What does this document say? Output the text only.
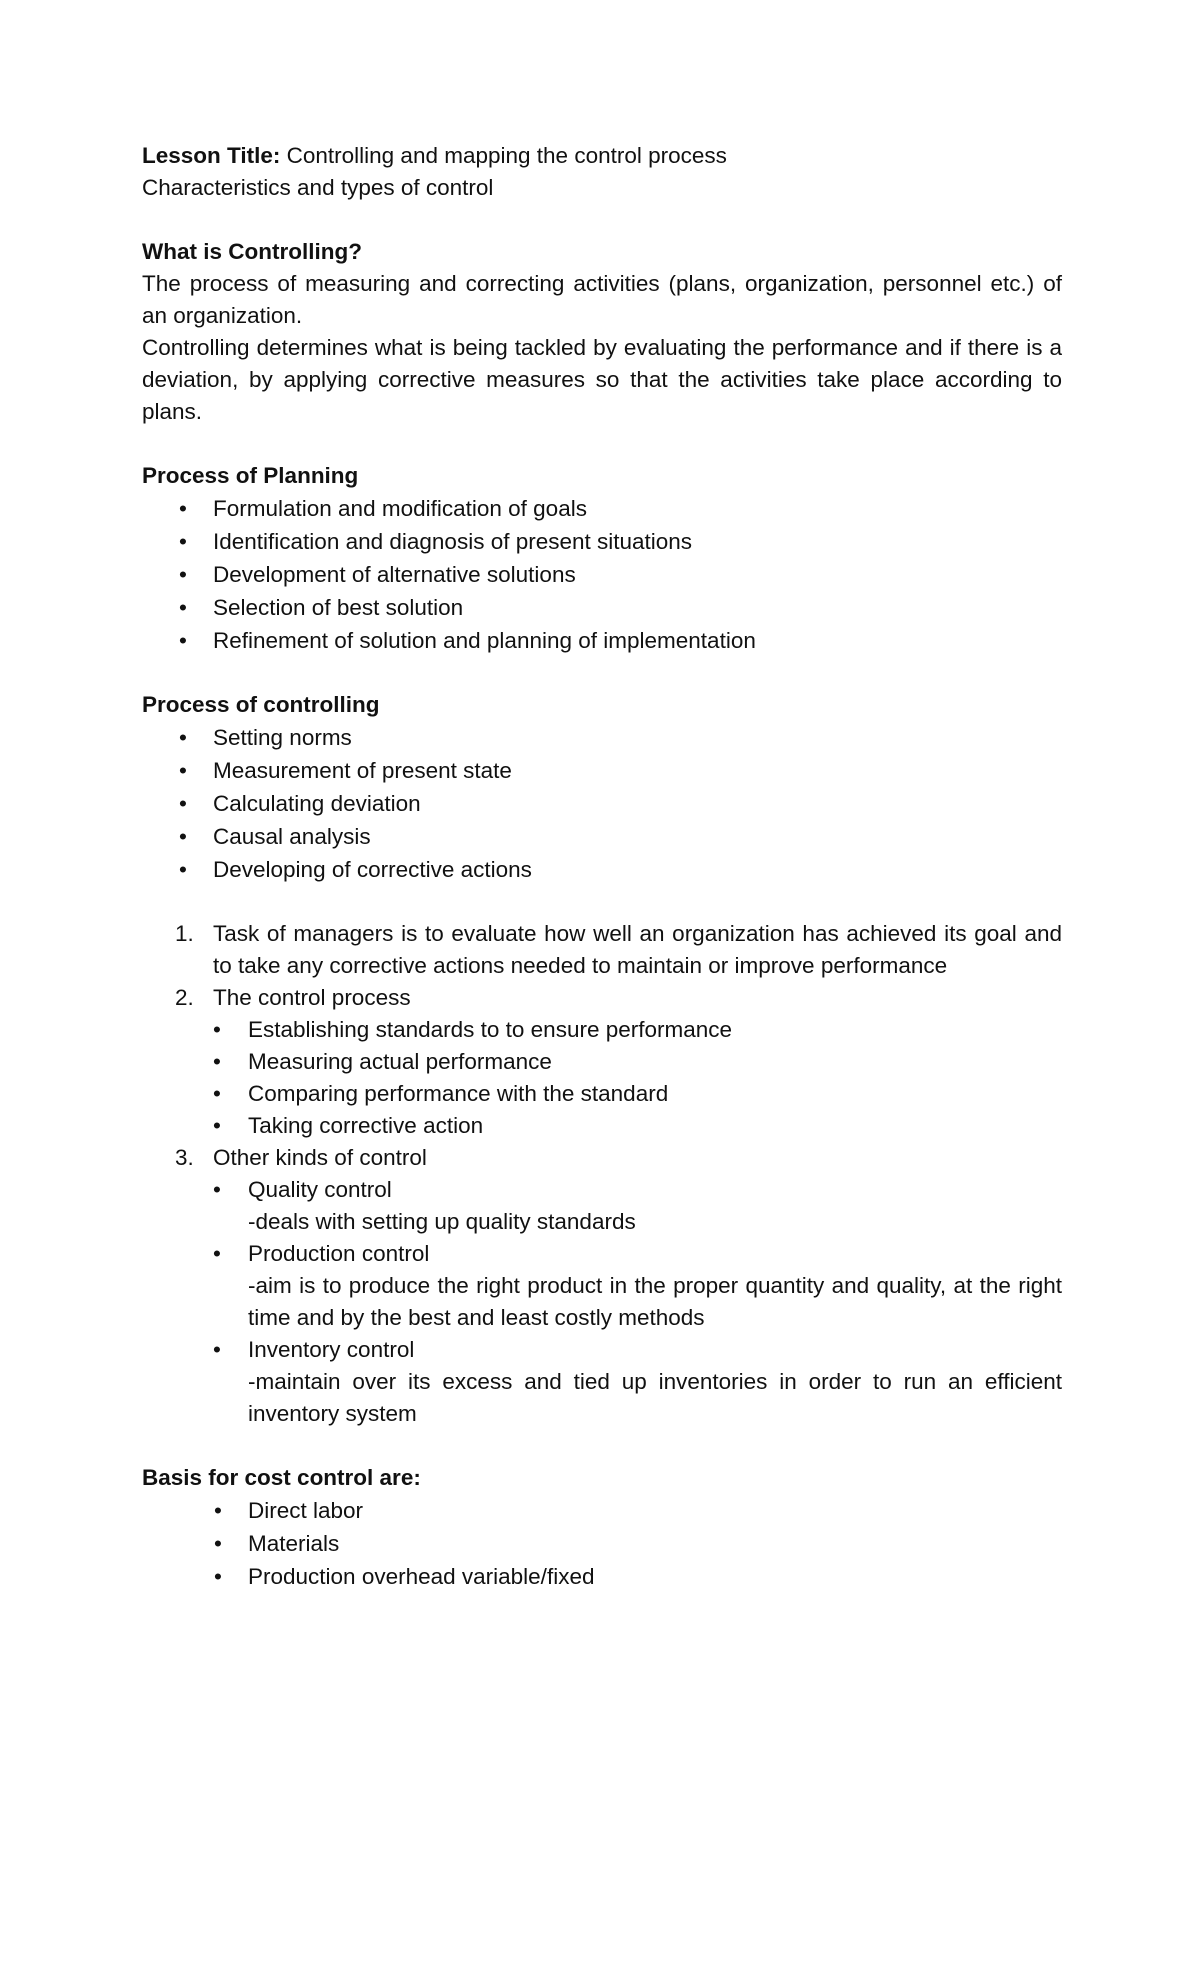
Lesson Title: Controlling and mapping the control process

Characteristics and types of control

What is Controlling?

The process of measuring and correcting activities (plans, organization, personnel etc.) of an organization.

Controlling determines what is being tackled by evaluating the performance and if there is a deviation, by applying corrective measures so that the activities take place according to plans.

Process of Planning

•	Formulation and modification of goals
•	Identification and diagnosis of present situations
•	Development of alternative solutions
•	Selection of best solution
•	Refinement of solution and planning of implementation

Process of controlling

•	Setting norms
•	Measurement of present state
•	Calculating deviation
•	Causal analysis
•	Developing of corrective actions
1. Task of managers is to evaluate how well an organization has achieved its goal and to take any corrective actions needed to maintain or improve performance

2. The control process

• Establishing standards to to ensure performance
• Measuring actual performance
• Comparing performance with the standard
• Taking corrective action
3. Other kinds of control

• Quality control
-deals with setting up quality standards
• Production control
-aim is to produce the right product in the proper quantity and quality, at the right time and by the best and least costly methods
• Inventory control
-maintain over its excess and tied up inventories in order to run an efficient inventory system

Basis for cost control are:

•	Direct labor
•	Materials
•	Production overhead variable/fixed
